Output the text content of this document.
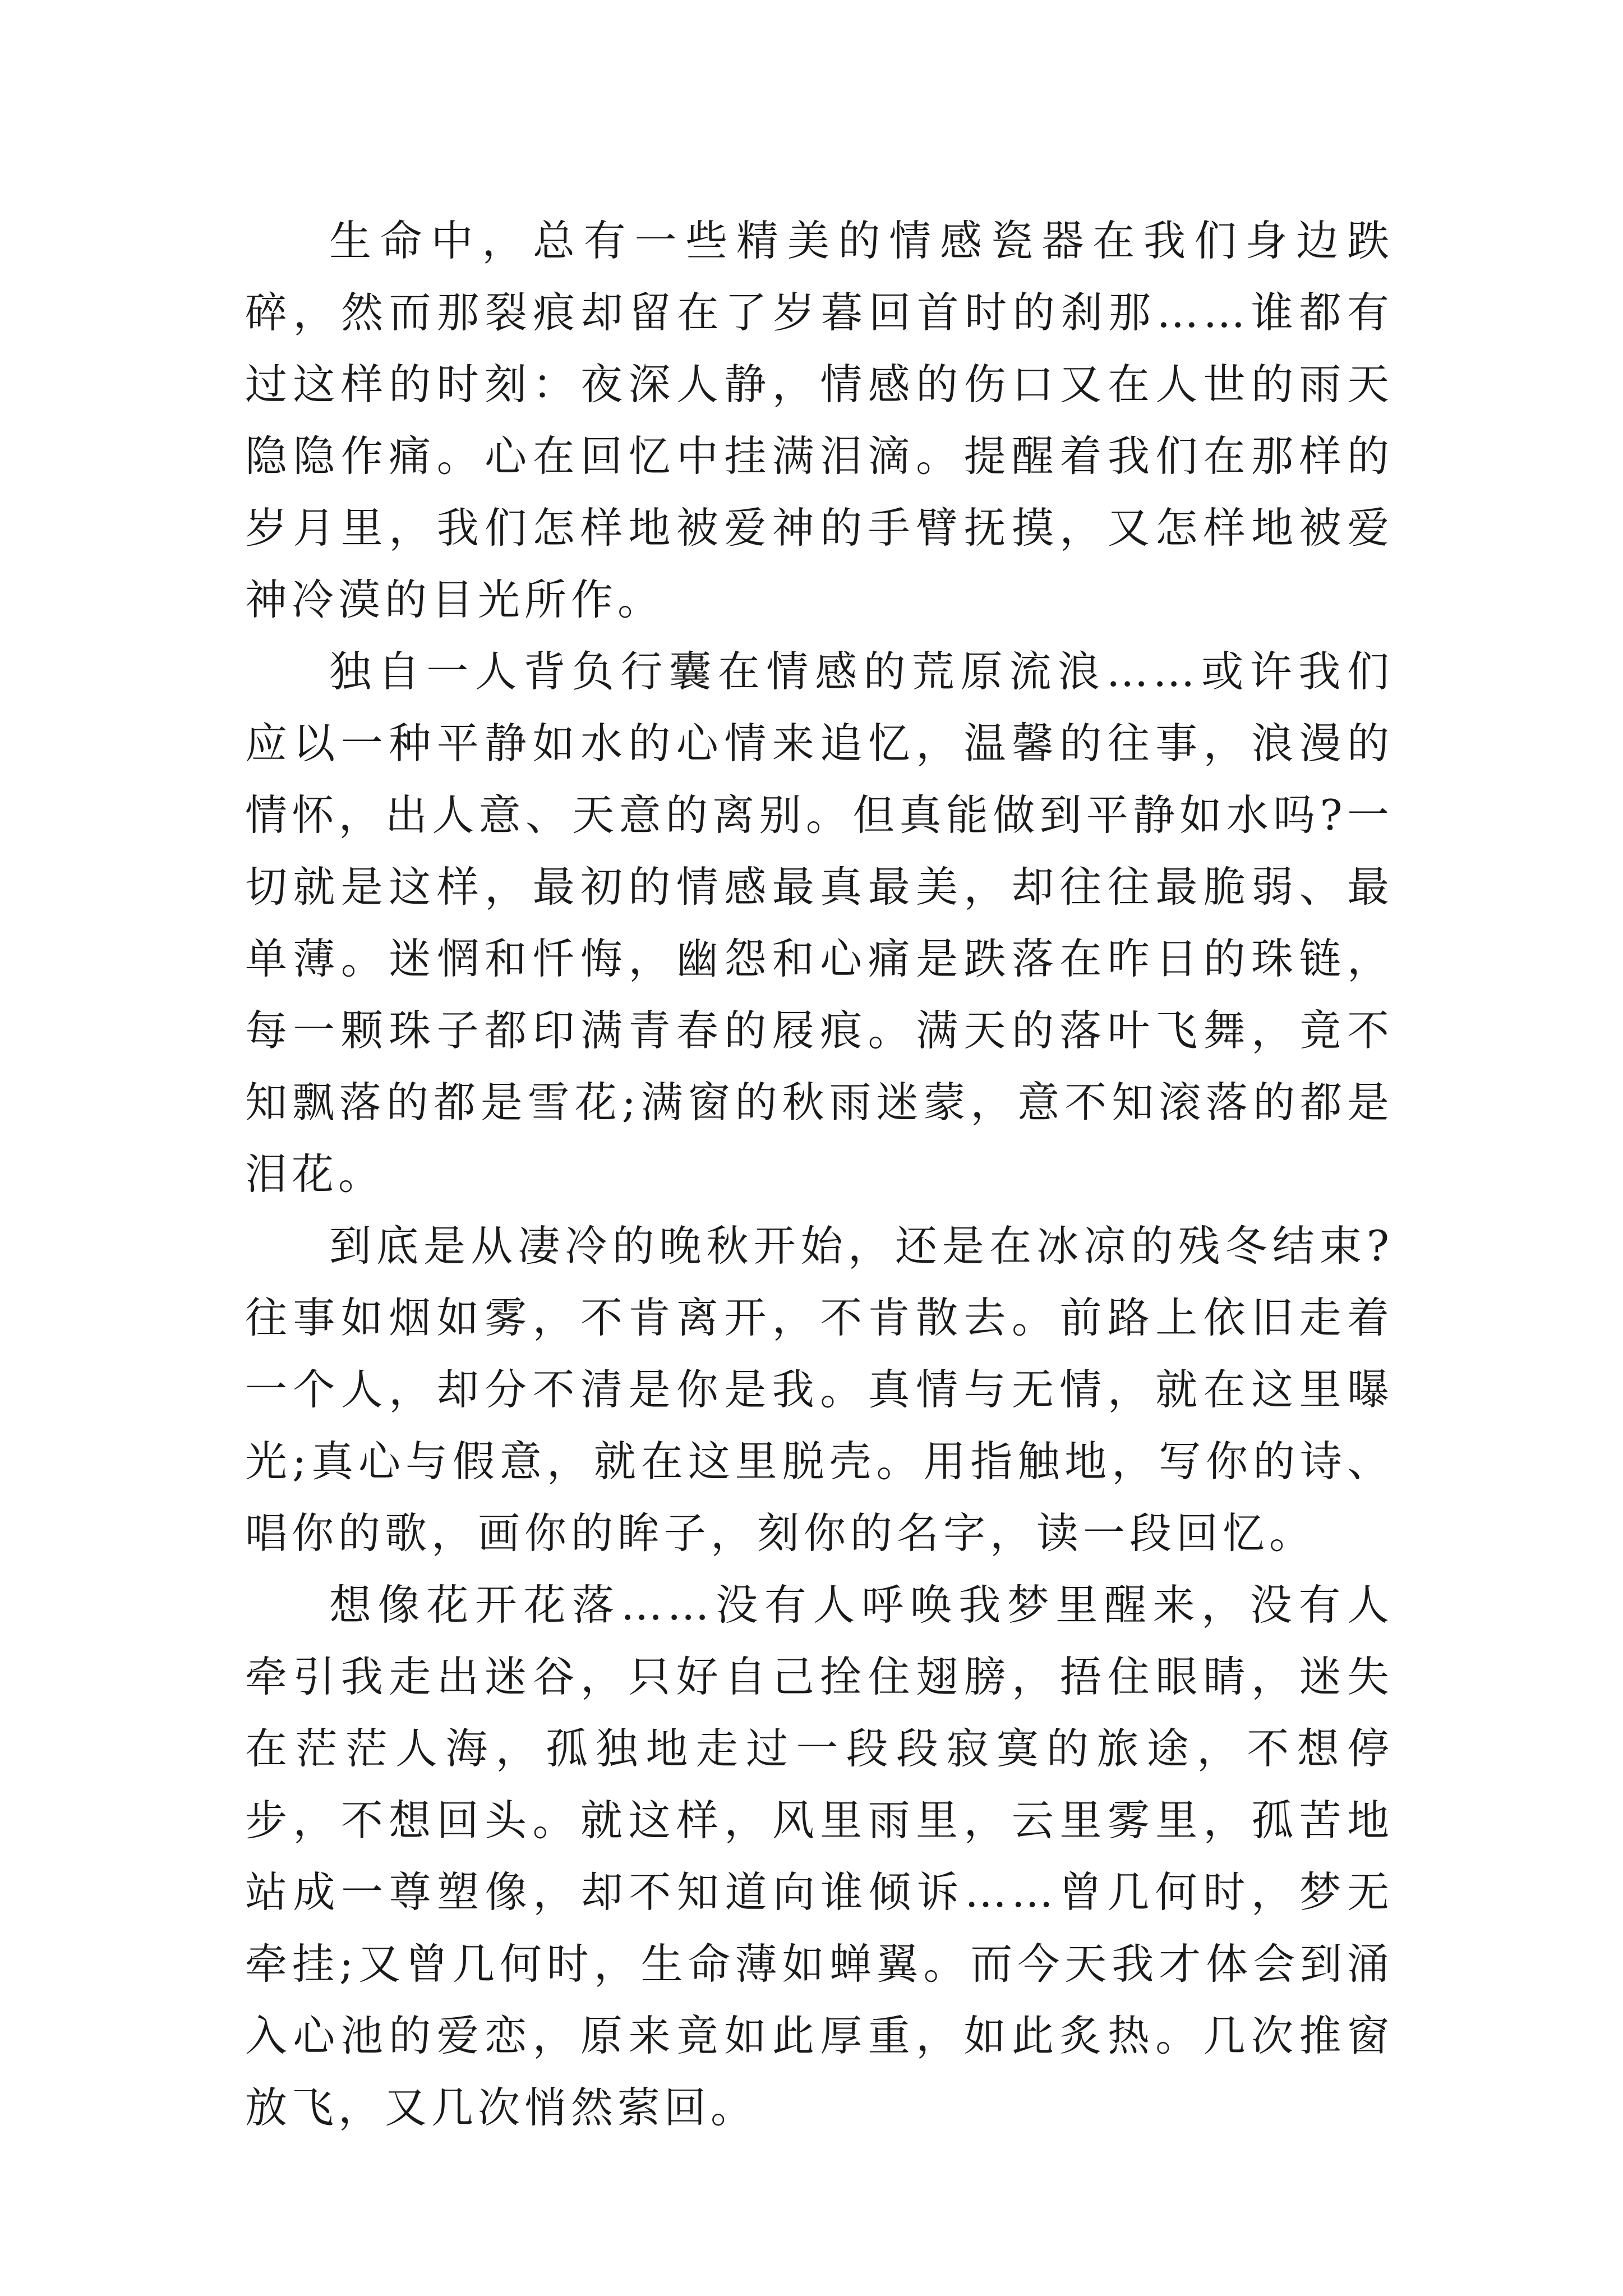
生命中，总有一些精美的情感瓷器在我们身边跌碎，然而那裂痕却留在了岁暮回首时的刹那……谁都有过这样的时刻：夜深人静，情感的伤口又在人世的雨天隐隐作痛。心在回忆中挂满泪滴。提醒着我们在那样的岁月里，我们怎样地被爱神的手臂抚摸，又怎样地被爱神冷漠的目光所作。

独自一人背负行囊在情感的荒原流浪……或许我们应以一种平静如水的心情来追忆，温馨的往事，浪漫的情怀，出人意、天意的离别。但真能做到平静如水吗?一切就是这样，最初的情感最真最美，却往往最脆弱、最单薄。迷惘和忏悔，幽怨和心痛是跌落在昨日的珠链，每一颗珠子都印满青春的屐痕。满天的落叶飞舞，竟不知飘落的都是雪花;满窗的秋雨迷蒙，意不知滚落的都是泪花。

到底是从凄冷的晚秋开始，还是在冰凉的残冬结束?往事如烟如雾，不肯离开，不肯散去。前路上依旧走着一个人，却分不清是你是我。真情与无情，就在这里曝光;真心与假意，就在这里脱壳。用指触地，写你的诗、唱你的歌，画你的眸子，刻你的名字，读一段回忆。

想像花开花落……没有人呼唤我梦里醒来，没有人牵引我走出迷谷，只好自己拴住翅膀，捂住眼睛，迷失在茫茫人海，孤独地走过一段段寂寞的旅途，不想停步，不想回头。就这样，风里雨里，云里雾里，孤苦地站成一尊塑像，却不知道向谁倾诉……曾几何时，梦无牵挂;又曾几何时，生命薄如蝉翼。而今天我才体会到涌入心池的爱恋，原来竟如此厚重，如此炙热。几次推窗放飞，又几次悄然萦回。
